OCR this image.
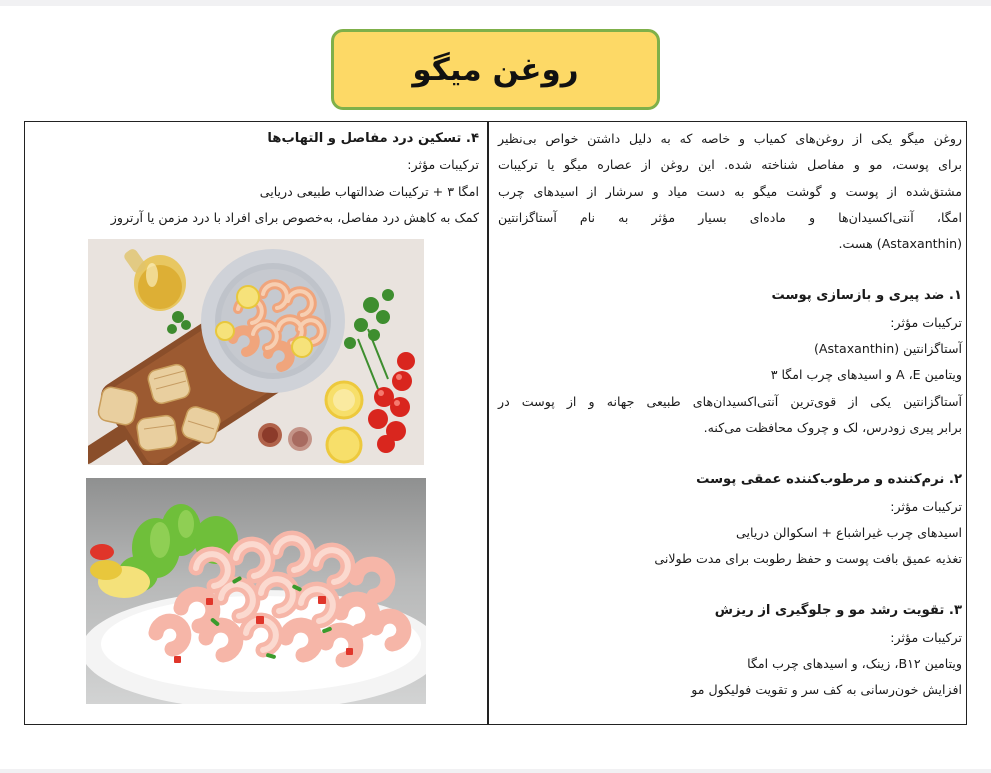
روغن میگو

روغن میگو یکی از روغن‌های کمیاب و خاصه که به دلیل داشتن خواص بی‌نظیر

برای پوست، مو و مفاصل شناخته شده. این روغن از عصاره میگو یا ترکیبات

مشتق‌شده از پوست و گوشت میگو به دست میاد و سرشار از اسیدهای چرب

امگا، آنتی‌اکسیدان‌ها و ماده‌ای بسیار مؤثر به نام آستاگزانتین

(Astaxanthin) هست.

۱. ضد پیری و بازسازی پوست

ترکیبات مؤثر:

آستاگزانتین (Astaxanthin)

ویتامین A ،E و اسیدهای چرب امگا ۳

آستاگزانتین یکی از قوی‌ترین آنتی‌اکسیدان‌های طبیعی جهانه و از پوست در

برابر پیری زودرس، لک و چروک محافظت می‌کنه.

۲. نرم‌کننده و مرطوب‌کننده عمقی پوست

ترکیبات مؤثر:

اسیدهای چرب غیراشباع + اسکوالن دریایی

تغذیه عمیق بافت پوست و حفظ رطوبت برای مدت طولانی

۳. تقویت رشد مو و جلوگیری از ریزش

ترکیبات مؤثر:

ویتامین B۱۲، زینک، و اسیدهای چرب امگا

افزایش خون‌رسانی به کف سر و تقویت فولیکول مو

۴. تسکین درد مفاصل و التهاب‌ها

ترکیبات مؤثر:

امگا ۳ + ترکیبات ضدالتهاب طبیعی دریایی

کمک به کاهش درد مفاصل، به‌خصوص برای افراد با درد مزمن یا آرتروز
